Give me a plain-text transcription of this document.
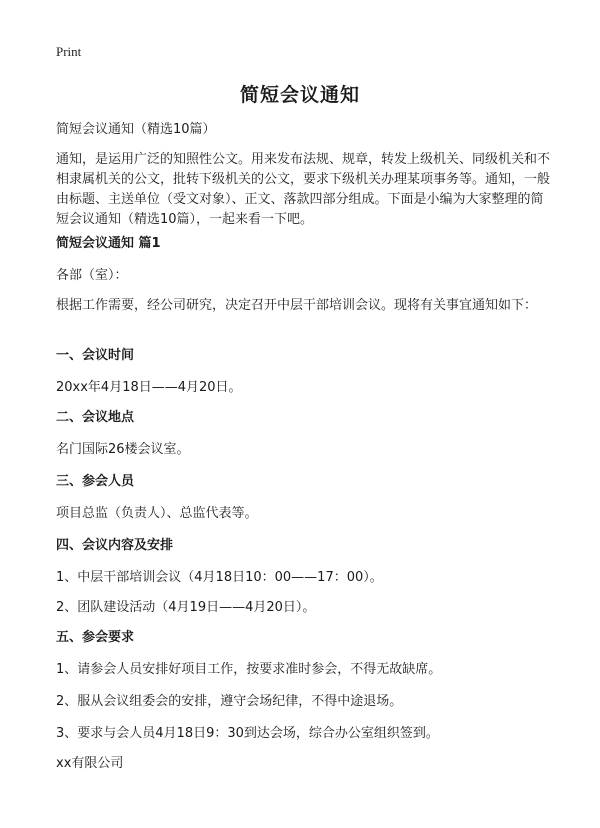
Print
简短会议通知

简短会议通知（精选10篇）

通知，是运用广泛的知照性公文。用来发布法规、规章，转发上级机关、同级机关和不相隶属机关的公文，批转下级机关的公文，要求下级机关办理某项事务等。通知，一般由标题、主送单位（受文对象）、正文、落款四部分组成。下面是小编为大家整理的简短会议通知（精选10篇），一起来看一下吧。

简短会议通知 篇1

各部（室）：

根据工作需要，经公司研究，决定召开中层干部培训会议。现将有关事宜通知如下：

一、会议时间

20xx年4月18日——4月20日。

二、会议地点

名门国际26楼会议室。

三、参会人员

项目总监（负责人）、总监代表等。

四、会议内容及安排

1、中层干部培训会议（4月18日10：00——17：00）。

2、团队建设活动（4月19日——4月20日）。

五、参会要求

1、请参会人员安排好项目工作，按要求准时参会，不得无故缺席。

2、服从会议组委会的安排，遵守会场纪律，不得中途退场。

3、要求与会人员4月18日9：30到达会场，综合办公室组织签到。

xx有限公司
